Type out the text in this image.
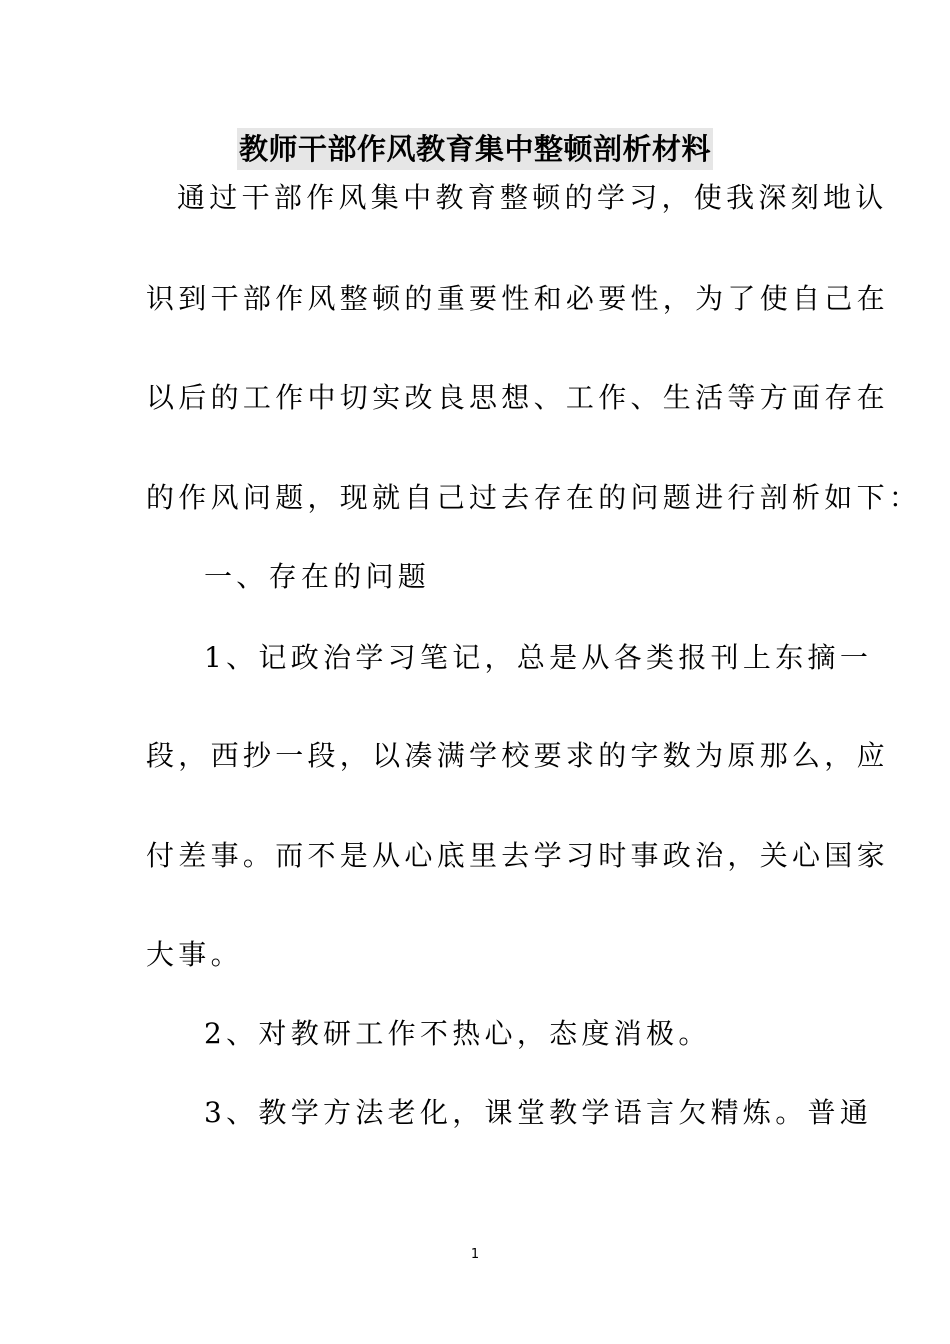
教师干部作风教育集中整顿剖析材料
通过干部作风集中教育整顿的学习，使我深刻地认
识到干部作风整顿的重要性和必要性，为了使自己在
以后的工作中切实改良思想、工作、生活等方面存在
的作风问题，现就自己过去存在的问题进行剖析如下：
一、存在的问题
1、记政治学习笔记，总是从各类报刊上东摘一
段，西抄一段，以凑满学校要求的字数为原那么，应
付差事。而不是从心底里去学习时事政治，关心国家
大事。
2、对教研工作不热心，态度消极。
3、教学方法老化，课堂教学语言欠精炼。普通
1
